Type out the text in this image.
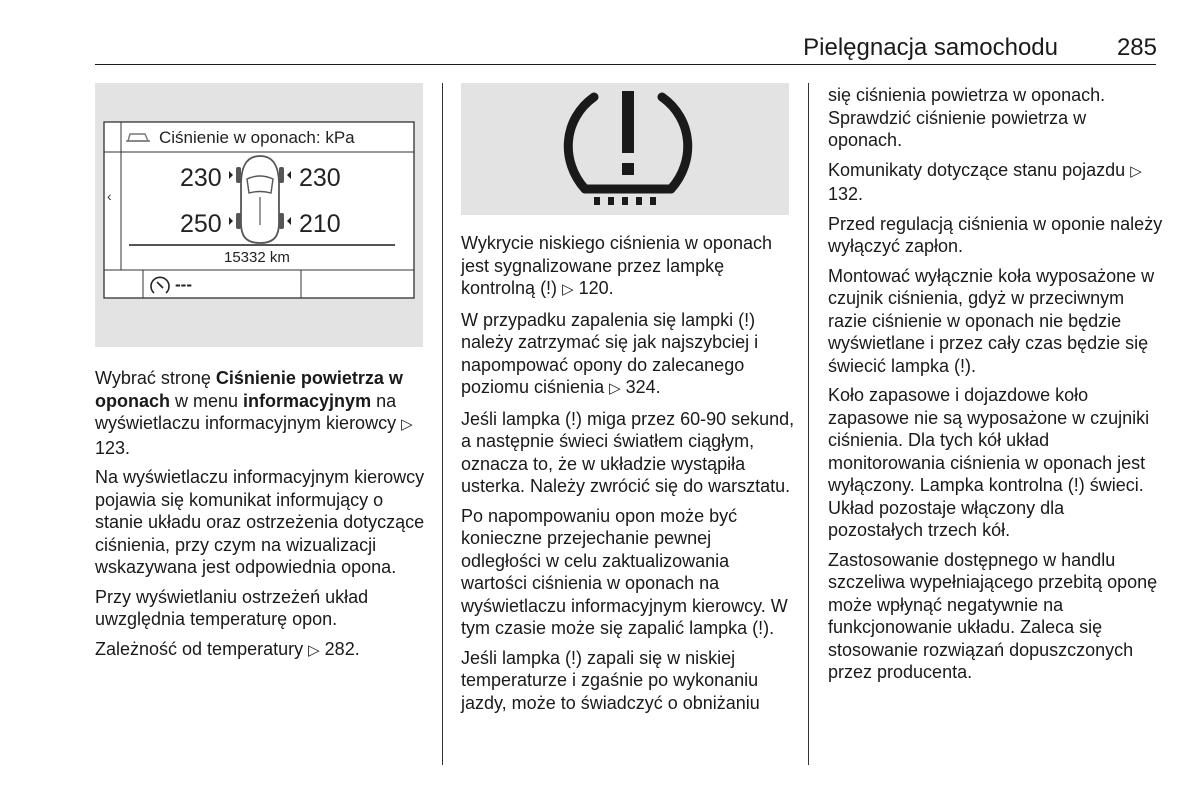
Pielęgnacja samochodu 285
‹
Ciśnienie w oponach: kPa
230	230
250	210
15332 km
---

Wybrać stronę Ciśnienie powietrza w oponach w menu informacyjnym na wyświetlaczu informacyjnym kierowcy ▷ 123.

Na wyświetlaczu informacyjnym kierowcy pojawia się komunikat informujący o stanie układu oraz ostrzeżenia dotyczące ciśnienia, przy czym na wizualizacji wskazywana jest odpowiednia opona.

Przy wyświetlaniu ostrzeżeń układ uwzględnia temperaturę opon.

Zależność od temperatury ▷ 282.

Wykrycie niskiego ciśnienia w oponach jest sygnalizowane przez lampkę kontrolną (!) ▷ 120.

W przypadku zapalenia się lampki (!) należy zatrzymać się jak najszybciej i napompować opony do zalecanego poziomu ciśnienia ▷ 324.

Jeśli lampka (!) miga przez 60-90 sekund, a następnie świeci światłem ciągłym, oznacza to, że w układzie wystąpiła usterka. Należy zwrócić się do warsztatu.

Po napompowaniu opon może być konieczne przejechanie pewnej odległości w celu zaktualizowania wartości ciśnienia w oponach na wyświetlaczu informacyjnym kierowcy. W tym czasie może się zapalić lampka (!).

Jeśli lampka (!) zapali się w niskiej temperaturze i zgaśnie po wykonaniu jazdy, może to świadczyć o obniżaniu

się ciśnienia powietrza w oponach. Sprawdzić ciśnienie powietrza w oponach.

Komunikaty dotyczące stanu pojazdu ▷ 132.

Przed regulacją ciśnienia w oponie należy wyłączyć zapłon.

Montować wyłącznie koła wyposażone w czujnik ciśnienia, gdyż w przeciwnym razie ciśnienie w oponach nie będzie wyświetlane i przez cały czas będzie się świecić lampka (!).

Koło zapasowe i dojazdowe koło zapasowe nie są wyposażone w czujniki ciśnienia. Dla tych kół układ monitorowania ciśnienia w oponach jest wyłączony. Lampka kontrolna (!) świeci. Układ pozostaje włączony dla pozostałych trzech kół.

Zastosowanie dostępnego w handlu szczeliwa wypełniającego przebitą oponę może wpłynąć negatywnie na funkcjonowanie układu. Zaleca się stosowanie rozwiązań dopuszczonych przez producenta.
